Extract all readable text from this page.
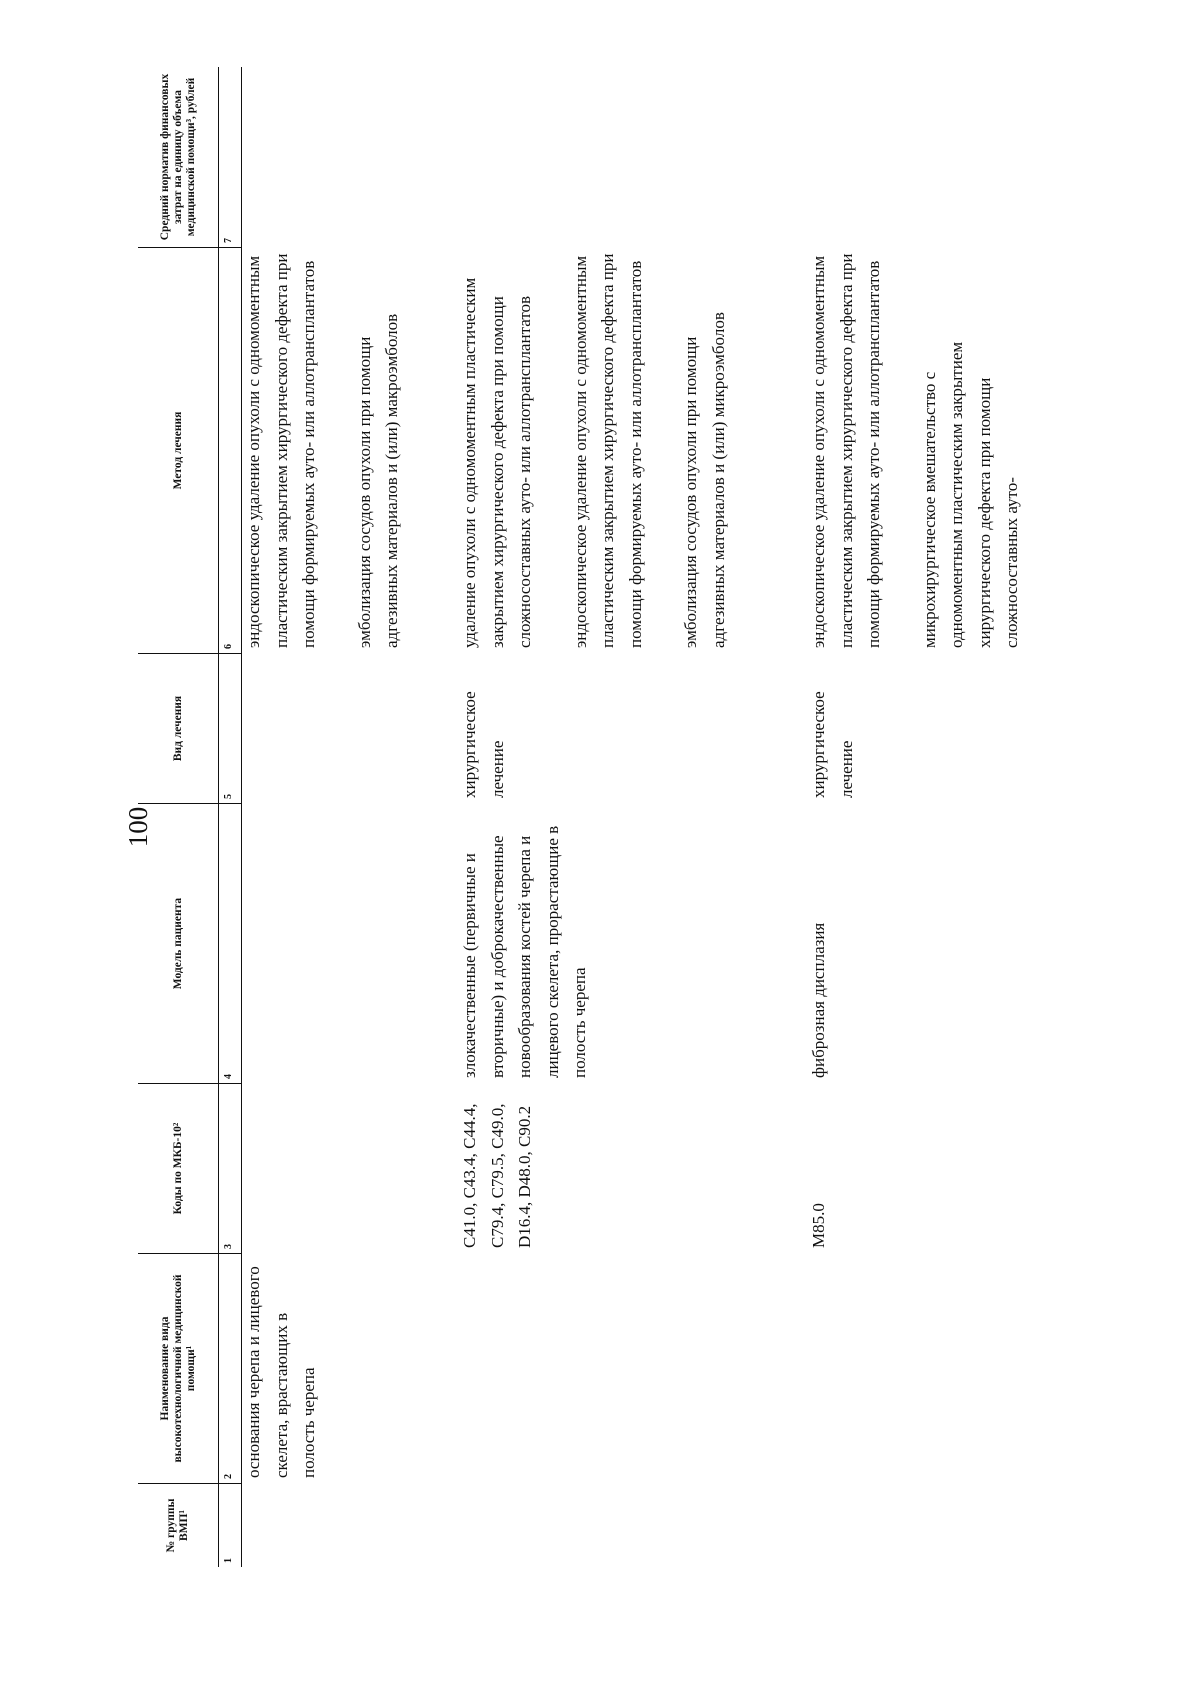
100
№ группы ВМП¹
Наименование вида высокотехнологичной медицинской помощи¹
Коды по МКБ-10²
Модель пациента
Вид лечения
Метод лечения
Средний норматив финансовых затрат на единицу объема медицинской помощи³, рублей
1
2
3
4
5
6
7
основания черепа и лицевого скелета, врастающих в полость черепа
эндоскопическое удаление опухоли с одномоментным пластическим закрытием хирургического дефекта при помощи формируемых ауто- или аллотрансплантатов эмболизация сосудов опухоли при помощи адгезивных материалов и (или) макроэмболов
C41.0, C43.4, C44.4, C79.4, C79.5, C49.0, D16.4, D48.0, C90.2
злокачественные (первичные и вторичные) и доброкачественные новообразования костей черепа и лицевого скелета, прорастающие в полость черепа
хирургическое лечение
удаление опухоли с одномоментным пластическим закрытием хирургического дефекта при помощи сложносоставных ауто- или аллотрансплантатов эндоскопическое удаление опухоли с одномоментным пластическим закрытием хирургического дефекта при помощи формируемых ауто- или аллотрансплантатов эмболизация сосудов опухоли при помощи адгезивных материалов и (или) микроэмболов
M85.0
фиброзная дисплазия
хирургическое лечение
эндоскопическое удаление опухоли с одномоментным пластическим закрытием хирургического дефекта при помощи формируемых ауто- или аллотрансплантатов микрохирургическое вмешательство с одномоментным пластическим закрытием хирургического дефекта при помощи сложносоставных ауто-
